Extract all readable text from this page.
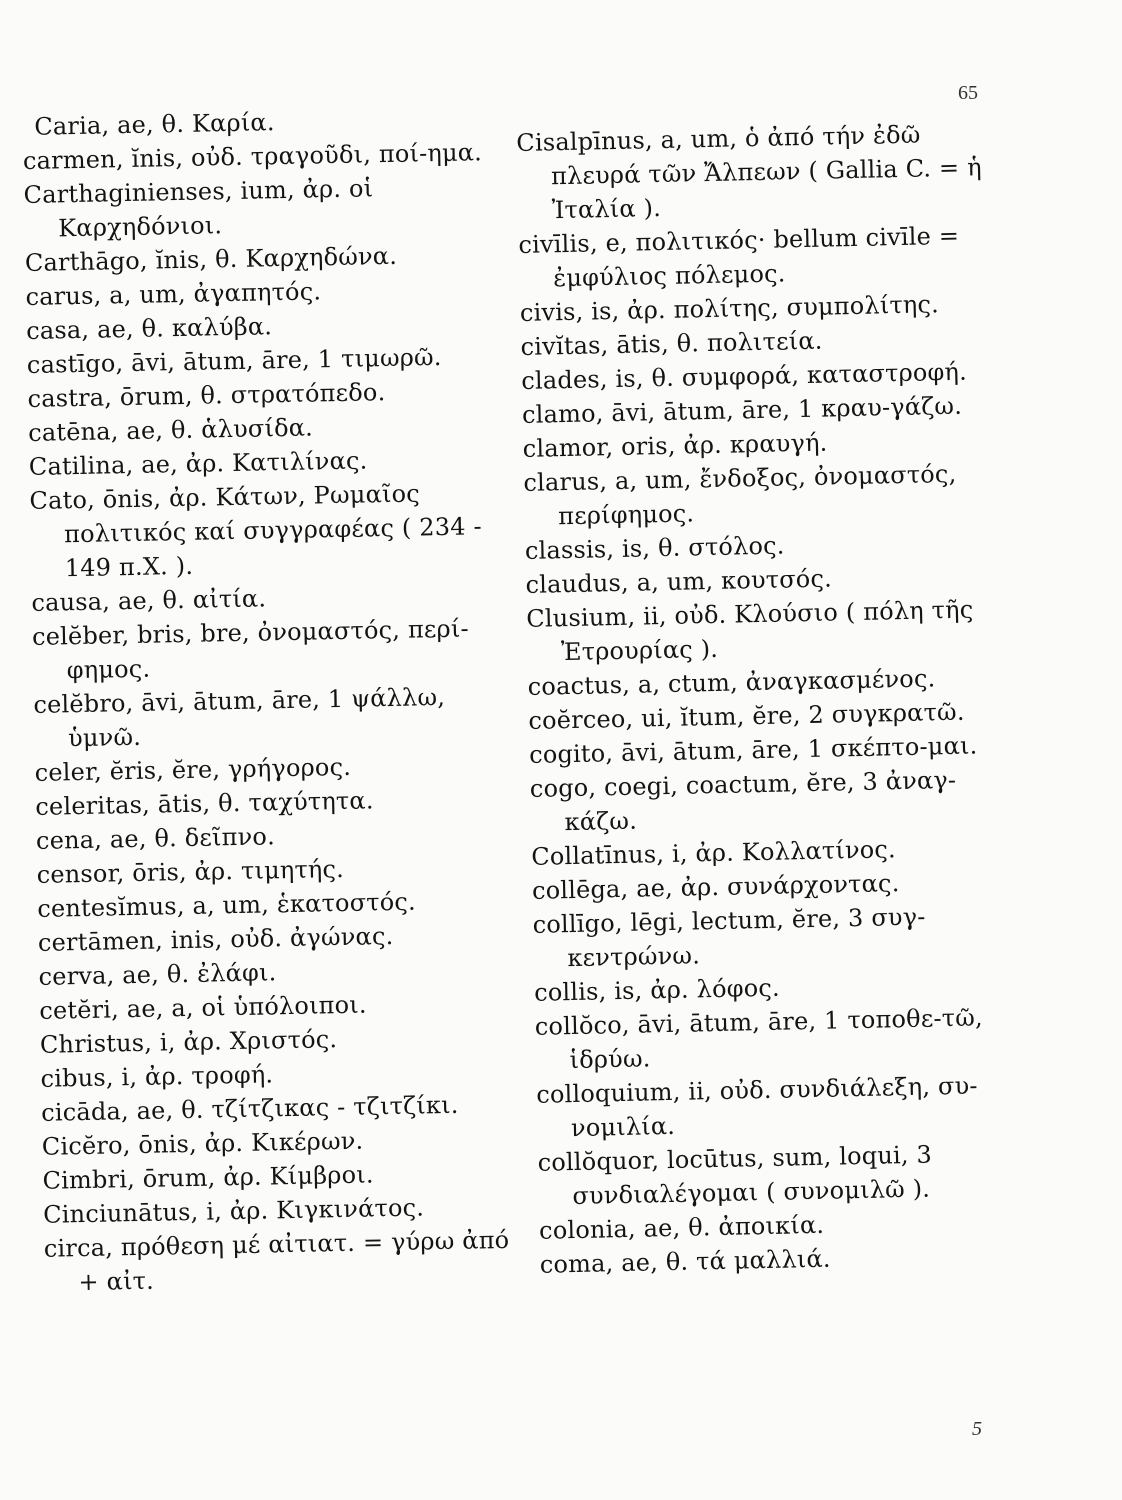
65
Caria, ae, θ. Καρία.
carmen, ĭnis, οὐδ. τραγοῦδι, ποί-ημα.
Carthaginienses, ium, ἀρ. οἱ Καρχηδόνιοι.
Carthāgo, ĭnis, θ. Καρχηδώνα.
carus, a, um, ἀγαπητός.
casa, ae, θ. καλύβα.
castīgo, āvi, ātum, āre, 1 τιμωρῶ.
castra, ōrum, θ. στρατόπεδο.
catēna, ae, θ. ἁλυσίδα.
Catilina, ae, ἀρ. Κατιλίνας.
Cato, ōnis, ἀρ. Κάτων, Ρωμαῖος πολιτικός καί συγγραφέας ( 234 - 149 π.Χ. ).
causa, ae, θ. αἰτία.
celĕber, bris, bre, ὀνομαστός, περί-φημος.
celĕbro, āvi, ātum, āre, 1 ψάλλω, ὑμνῶ.
celer, ĕris, ĕre, γρήγορος.
celeritas, ātis, θ. ταχύτητα.
cena, ae, θ. δεῖπνο.
censor, ōris, ἀρ. τιμητής.
centesĭmus, a, um, ἑκατοστός.
certāmen, inis, οὐδ. ἀγώνας.
cerva, ae, θ. ἐλάφι.
cetĕri, ae, a, οἱ ὑπόλοιποι.
Christus, i, ἀρ. Χριστός.
cibus, i, ἀρ. τροφή.
cicāda, ae, θ. τζίτζικας - τζιτζίκι.
Cicĕro, ōnis, ἀρ. Κικέρων.
Cimbri, ōrum, ἀρ. Κίμβροι.
Cinciunātus, i, ἀρ. Κιγκινάτος.
circa, πρόθεση μέ αἰτιατ. = γύρω ἀπό + αἰτ.
Cisalpīnus, a, um, ὁ ἀπό τήν ἐδῶ πλευρά τῶν Ἄλπεων ( Gallia C. = ἡ Ἰταλία ).
civīlis, e, πολιτικός· bellum civīle = ἐμφύλιος πόλεμος.
civis, is, ἀρ. πολίτης, συμπολίτης.
civĭtas, ātis, θ. πολιτεία.
clades, is, θ. συμφορά, καταστροφή.
clamo, āvi, ātum, āre, 1 κραυ-γάζω.
clamor, oris, ἀρ. κραυγή.
clarus, a, um, ἔνδοξος, ὀνομαστός, περίφημος.
classis, is, θ. στόλος.
claudus, a, um, κουτσός.
Clusium, ii, οὐδ. Κλούσιο ( πόλη τῆς Ἐτρουρίας ).
coactus, a, ctum, ἀναγκασμένος.
coĕrceo, ui, ĭtum, ĕre, 2 συγκρατῶ.
cogito, āvi, ātum, āre, 1 σκέπτο-μαι.
cogo, coegi, coactum, ĕre, 3 ἀναγ-κάζω.
Collatīnus, i, ἀρ. Κολλατίνος.
collēga, ae, ἀρ. συνάρχοντας.
collīgo, lēgi, lectum, ĕre, 3 συγ-κεντρώνω.
collis, is, ἀρ. λόφος.
collŏco, āvi, ātum, āre, 1 τοποθε-τῶ, ἱδρύω.
colloquium, ii, οὐδ. συνδιάλεξη, συ-νομιλία.
collŏquor, locūtus, sum, loqui, 3 συνδιαλέγομαι ( συνομιλῶ ).
colonia, ae, θ. ἀποικία.
coma, ae, θ. τά μαλλιά.
5
